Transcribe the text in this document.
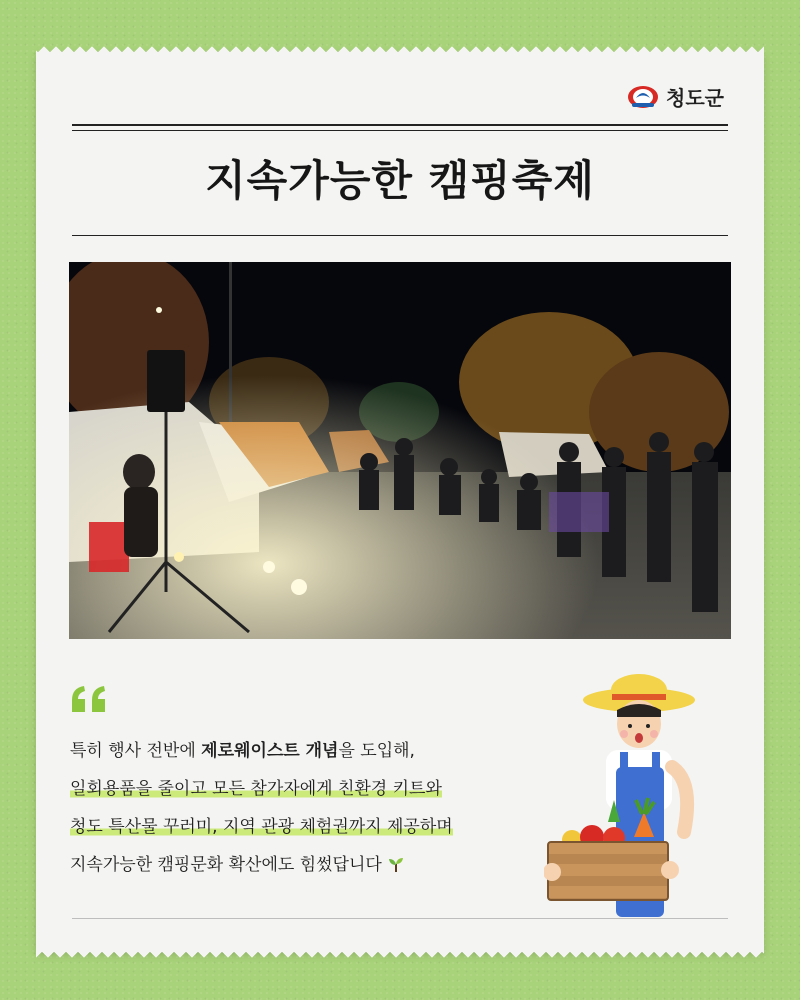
청도군
지속가능한 캠핑축제

특히 행사 전반에 제로웨이스트 개념을 도입해,

일회용품을 줄이고 모든 참가자에게 친환경 키트와

청도 특산물 꾸러미, 지역 관광 체험권까지 제공하며

지속가능한 캠핑문화 확산에도 힘썼답니다
